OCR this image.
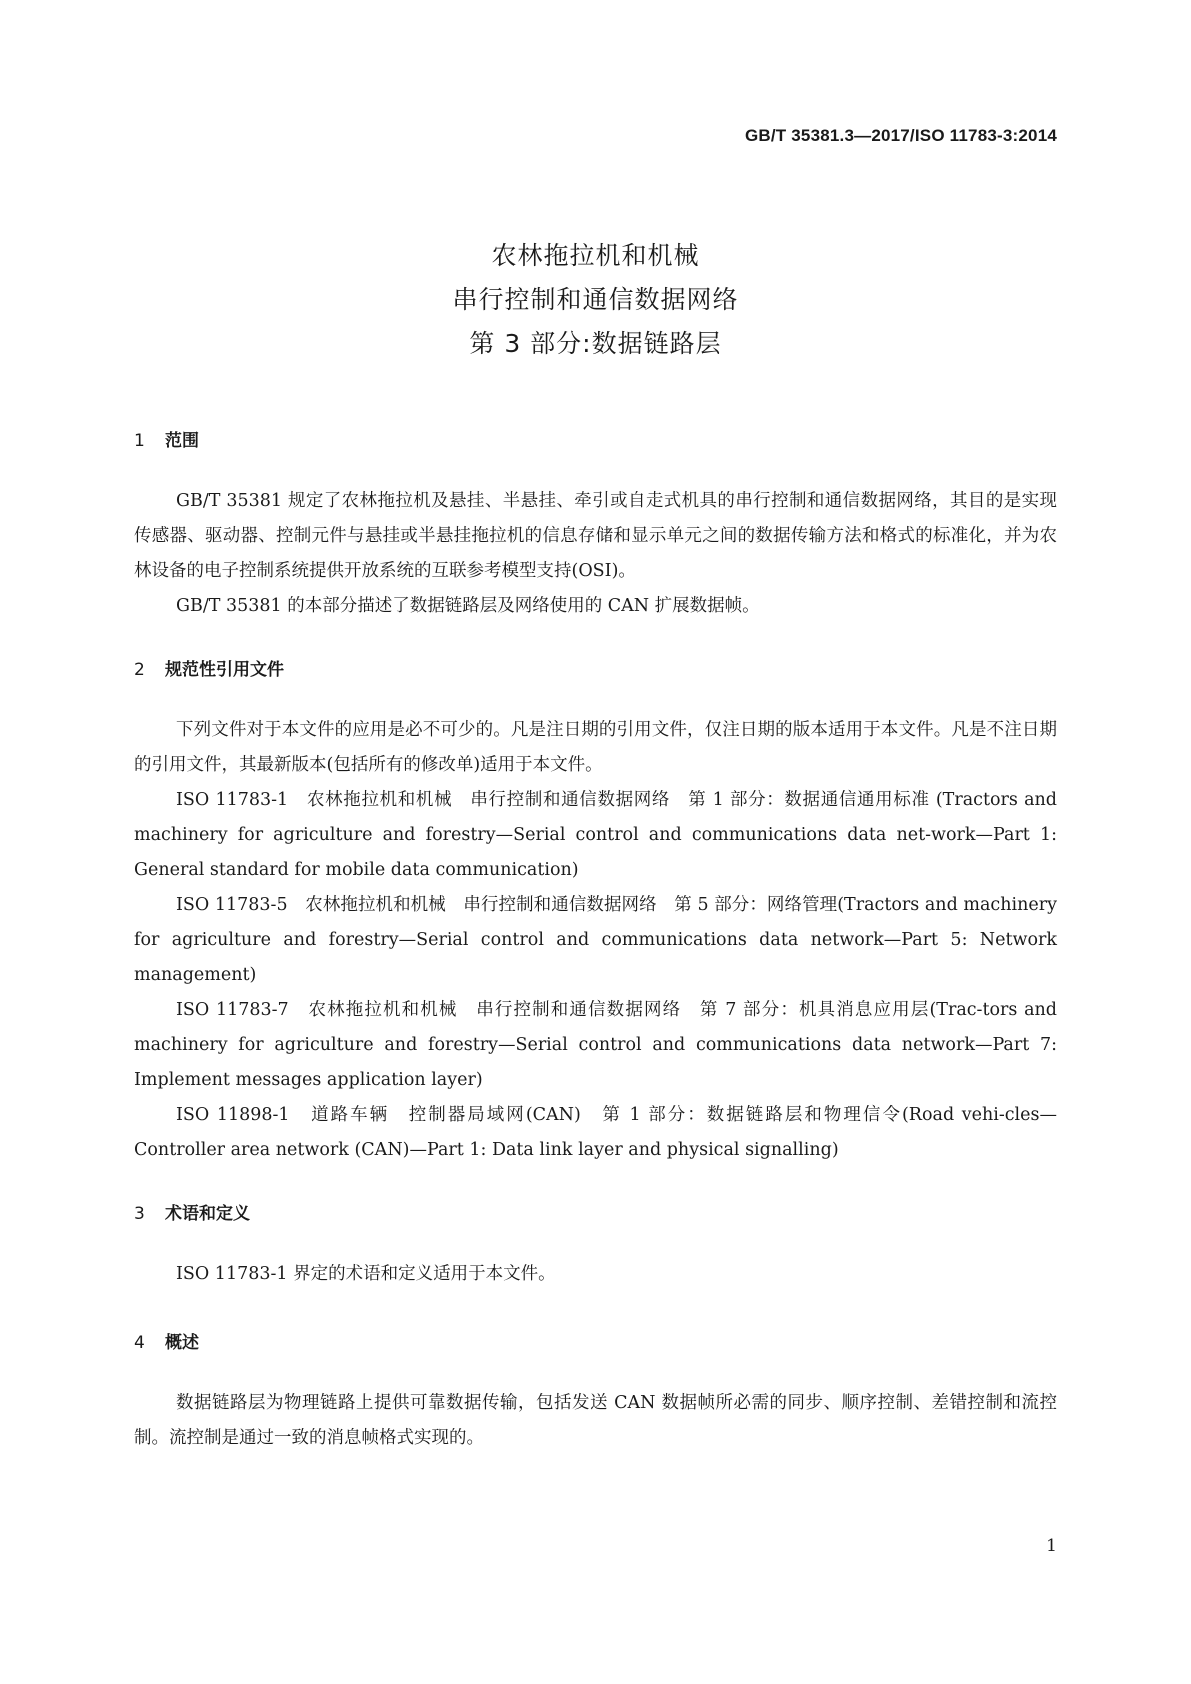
GB/T 35381.3—2017/ISO 11783-3:2014
农林拖拉机和机械
串行控制和通信数据网络
第 3 部分:数据链路层
1 范围

GB/T 35381 规定了农林拖拉机及悬挂、半悬挂、牵引或自走式机具的串行控制和通信数据网络，其目的是实现传感器、驱动器、控制元件与悬挂或半悬挂拖拉机的信息存储和显示单元之间的数据传输方法和格式的标准化，并为农林设备的电子控制系统提供开放系统的互联参考模型支持(OSI)。

GB/T 35381 的本部分描述了数据链路层及网络使用的 CAN 扩展数据帧。

2 规范性引用文件

下列文件对于本文件的应用是必不可少的。凡是注日期的引用文件，仅注日期的版本适用于本文件。凡是不注日期的引用文件，其最新版本(包括所有的修改单)适用于本文件。

ISO 11783-1　农林拖拉机和机械　串行控制和通信数据网络　第 1 部分：数据通信通用标准 (Tractors and machinery for agriculture and forestry—Serial control and communications data net-work—Part 1: General standard for mobile data communication)

ISO 11783-5　农林拖拉机和机械　串行控制和通信数据网络　第 5 部分：网络管理(Tractors and machinery for agriculture and forestry—Serial control and communications data network—Part 5: Network management)

ISO 11783-7　农林拖拉机和机械　串行控制和通信数据网络　第 7 部分：机具消息应用层(Trac-tors and machinery for agriculture and forestry—Serial control and communications data network—Part 7: Implement messages application layer)

ISO 11898-1　道路车辆　控制器局域网(CAN)　第 1 部分：数据链路层和物理信令(Road vehi-cles—Controller area network (CAN)—Part 1: Data link layer and physical signalling)

3 术语和定义

ISO 11783-1 界定的术语和定义适用于本文件。

4 概述

数据链路层为物理链路上提供可靠数据传输，包括发送 CAN 数据帧所必需的同步、顺序控制、差错控制和流控制。流控制是通过一致的消息帧格式实现的。

1
